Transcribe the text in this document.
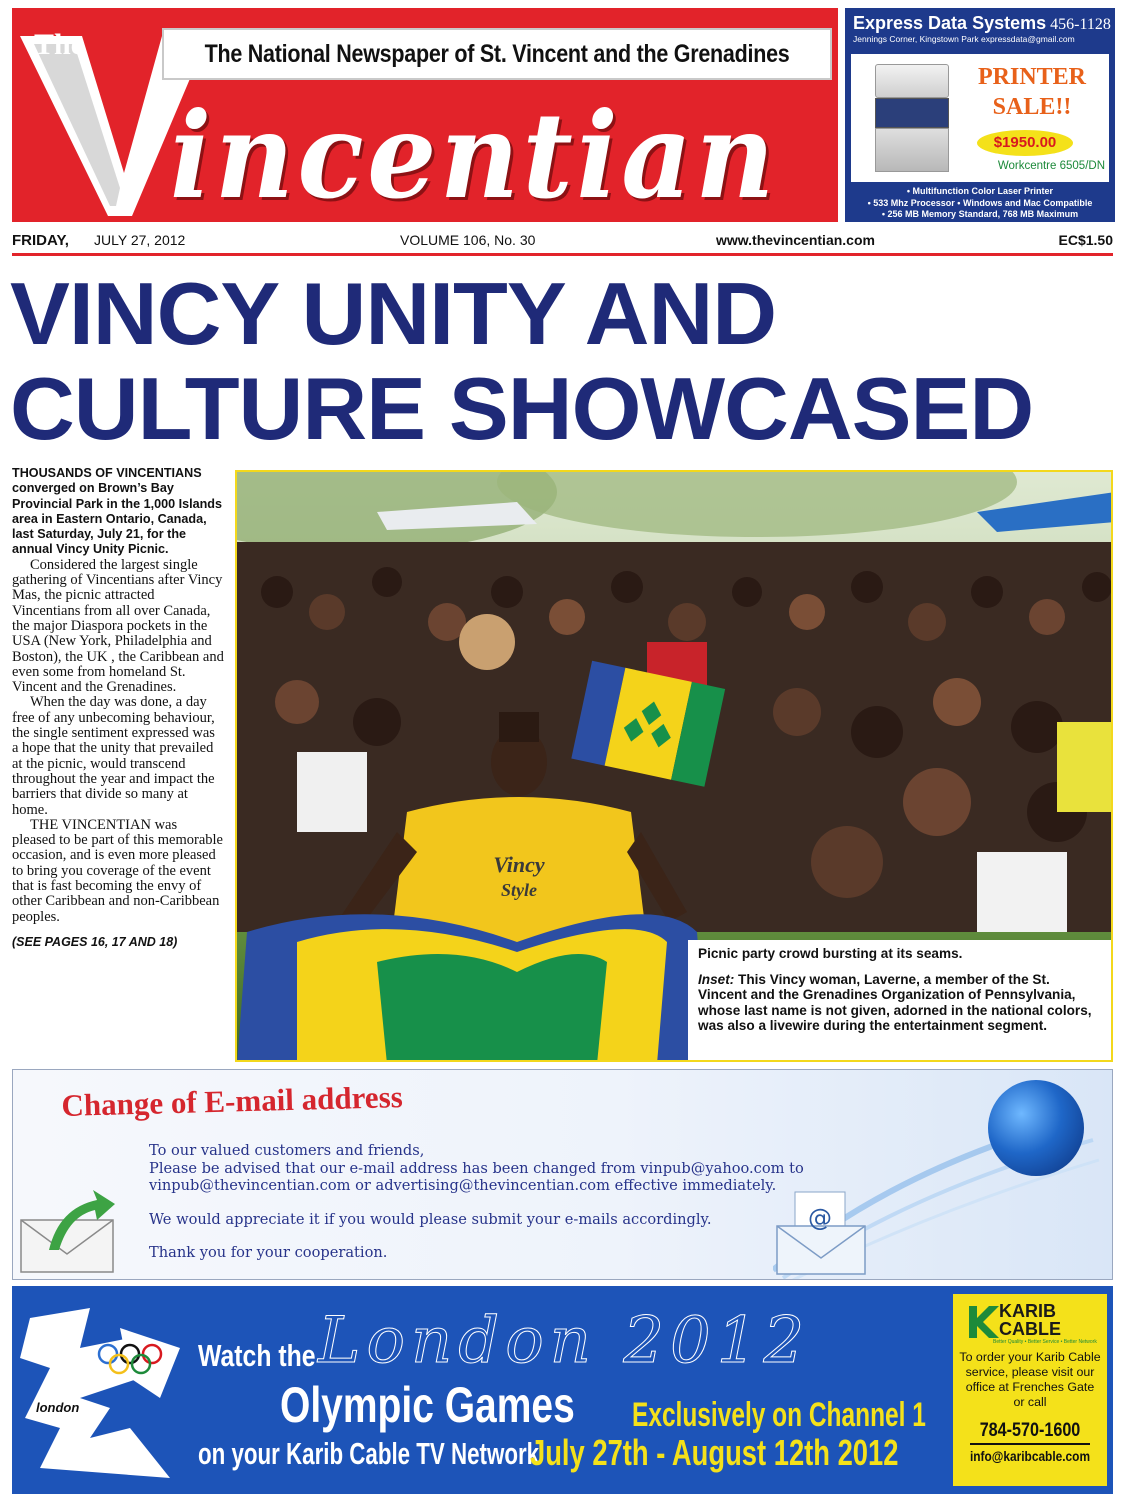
The	The National Newspaper of St. Vincent and the Grenadines
incentian
Express Data Systems 456-1128
Jennings Corner, Kingstown Park expressdata@gmail.com
PRINTER
SALE!!
$1950.00
Workcentre 6505/DN
• Multifunction Color Laser Printer
• 533 Mhz Processor • Windows and Mac Compatible
• 256 MB Memory Standard, 768 MB Maximum
FRIDAY, JULY 27, 2012	VOLUME 106, No. 30	www.thevincentian.com	EC$1.50
VINCY UNITY AND
CULTURE SHOWCASED

THOUSANDS OF VINCENTIANS converged on Brown’s Bay Provincial Park in the 1,000 Islands area in Eastern Ontario, Canada, last Saturday, July 21, for the annual Vincy Unity Picnic.

Considered the largest single gathering of Vincentians after Vincy Mas, the picnic attracted Vincentians from all over Canada, the major Diaspora pockets in the USA (New York, Philadelphia and Boston), the UK , the Caribbean and even some from homeland St. Vincent and the Grenadines.

When the day was done, a day free of any unbecoming behaviour, the single sentiment expressed was a hope that the unity that prevailed at the picnic, would transcend throughout the year and impact the barriers that divide so many at home.

THE VINCENTIAN was pleased to be part of this memorable occasion, and is even more pleased to bring you coverage of the event that is fast becoming the envy of other Caribbean and non-Caribbean peoples.

(SEE PAGES 16, 17 AND 18)
Vincy
Style
Picnic party crowd bursting at its seams.
Inset: This Vincy woman, Laverne, a member of the St. Vincent and the Grenadines Organization of Pennsylvania, whose last name is not given, adorned in the national colors, was also a livewire during the entertainment segment.
Change of E-mail address
To our valued customers and friends,
Please be advised that our e-mail address has been changed from vinpub@yahoo.com to
vinpub@thevincentian.com or advertising@thevincentian.com effective immediately.
We would appreciate it if you would please submit your e-mails accordingly.
Thank you for your cooperation.
@
london
Watch the London 2012
Olympic Games Exclusively on Channel 1
on your Karib Cable TV Network
July 27th - August 12th 2012
KARIB
CABLE
Better Quality • Better Service • Better Network
To order your Karib Cable service, please visit our office at Frenches Gate or call
784-570-1600
info@karibcable.com
